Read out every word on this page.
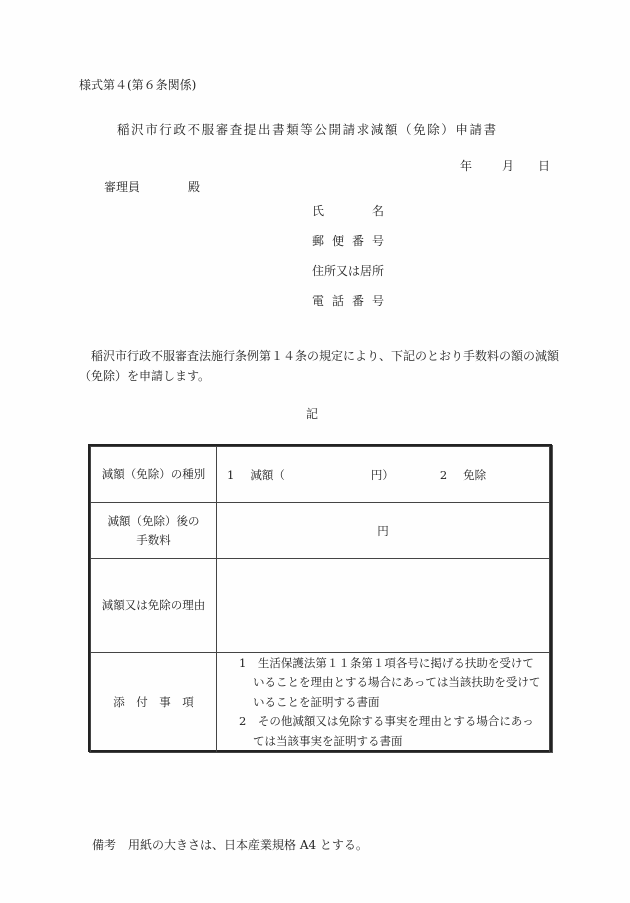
様式第４(第６条関係)
稲沢市行政不服審査提出書類等公開請求減額（免除）申請書
年 月 日
審理員	殿
氏　　名
郵便番号
住所又は居所
電話番号
　稲沢市行政不服審査法施行条例第１４条の規定により、下記のとおり手数料の額の減額（免除）を申請します。
記
減額（免除）の種別	1 減額（ 円） 2 免除

減額（免除）後の
手数料	円
減額又は免除の理由	
添　付　事　項	1　生活保護法第１１条第１項各号に掲げる扶助を受けていることを理由とする場合にあっては当該扶助を受けていることを証明する書面
2　その他減額又は免除する事実を理由とする場合にあっては当該事実を証明する書面
備考　用紙の大きさは、日本産業規格 A4 とする。
